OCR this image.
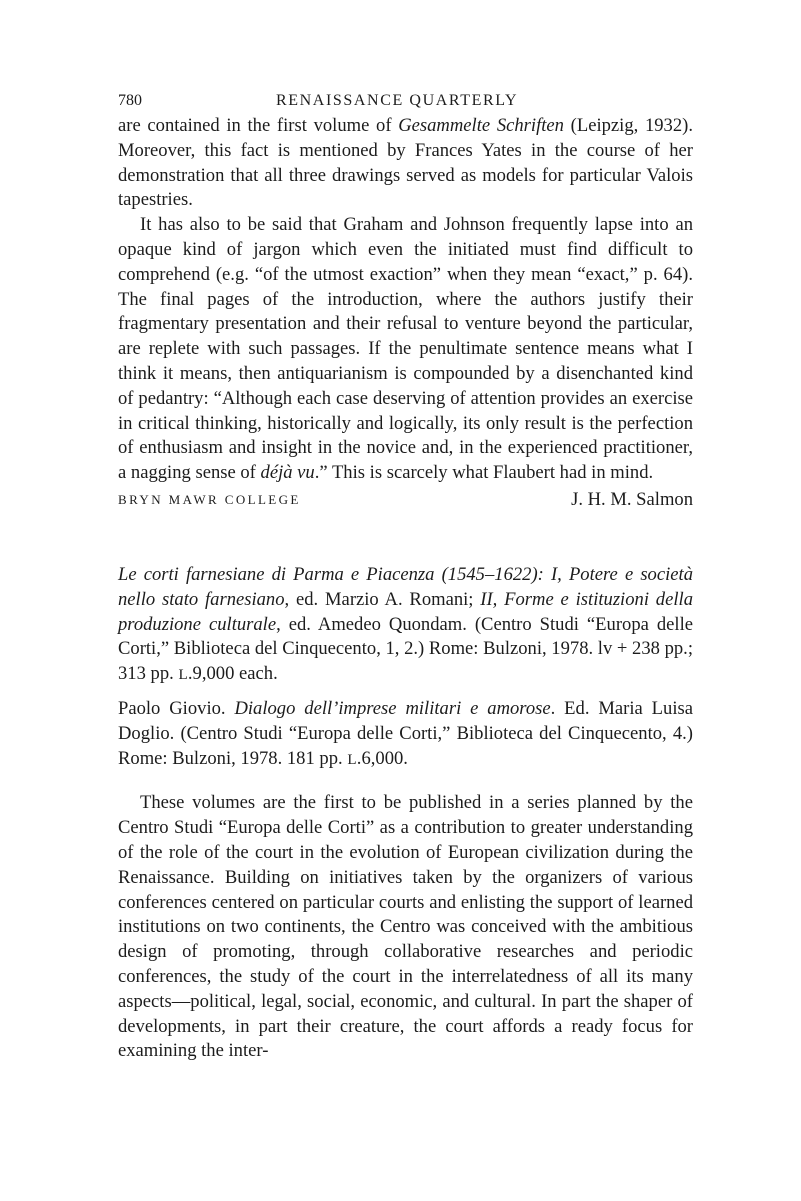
780	RENAISSANCE QUARTERLY

are contained in the first volume of Gesammelte Schriften (Leipzig, 1932). Moreover, this fact is mentioned by Frances Yates in the course of her demonstration that all three drawings served as models for particular Valois tapestries.

It has also to be said that Graham and Johnson frequently lapse into an opaque kind of jargon which even the initiated must find difficult to comprehend (e.g. “of the utmost exaction” when they mean “exact,” p. 64). The final pages of the introduction, where the authors justify their fragmentary presentation and their refusal to venture beyond the particular, are replete with such passages. If the penultimate sentence means what I think it means, then antiquarianism is compounded by a disenchanted kind of pedantry: “Although each case deserving of attention provides an exercise in critical thinking, historically and logically, its only result is the perfection of enthusiasm and insight in the novice and, in the experienced practitioner, a nagging sense of déjà vu.” This is scarcely what Flaubert had in mind.

BRYN MAWR COLLEGE	J. H. M. Salmon

Le corti farnesiane di Parma e Piacenza (1545–1622): I, Potere e società nello stato farnesiano, ed. Marzio A. Romani; II, Forme e istituzioni della produzione culturale, ed. Amedeo Quondam. (Centro Studi “Europa delle Corti,” Biblioteca del Cinquecento, 1, 2.) Rome: Bulzoni, 1978. lv + 238 pp.; 313 pp. L.9,000 each.

Paolo Giovio. Dialogo dell’imprese militari e amorose. Ed. Maria Luisa Doglio. (Centro Studi “Europa delle Corti,” Biblioteca del Cinquecento, 4.) Rome: Bulzoni, 1978. 181 pp. L.6,000.

These volumes are the first to be published in a series planned by the Centro Studi “Europa delle Corti” as a contribution to greater understanding of the role of the court in the evolution of European civilization during the Renaissance. Building on initiatives taken by the organizers of various conferences centered on particular courts and enlisting the support of learned institutions on two continents, the Centro was conceived with the ambitious design of promoting, through collaborative researches and periodic conferences, the study of the court in the interrelatedness of all its many aspects—political, legal, social, economic, and cultural. In part the shaper of developments, in part their creature, the court affords a ready focus for examining the inter-
